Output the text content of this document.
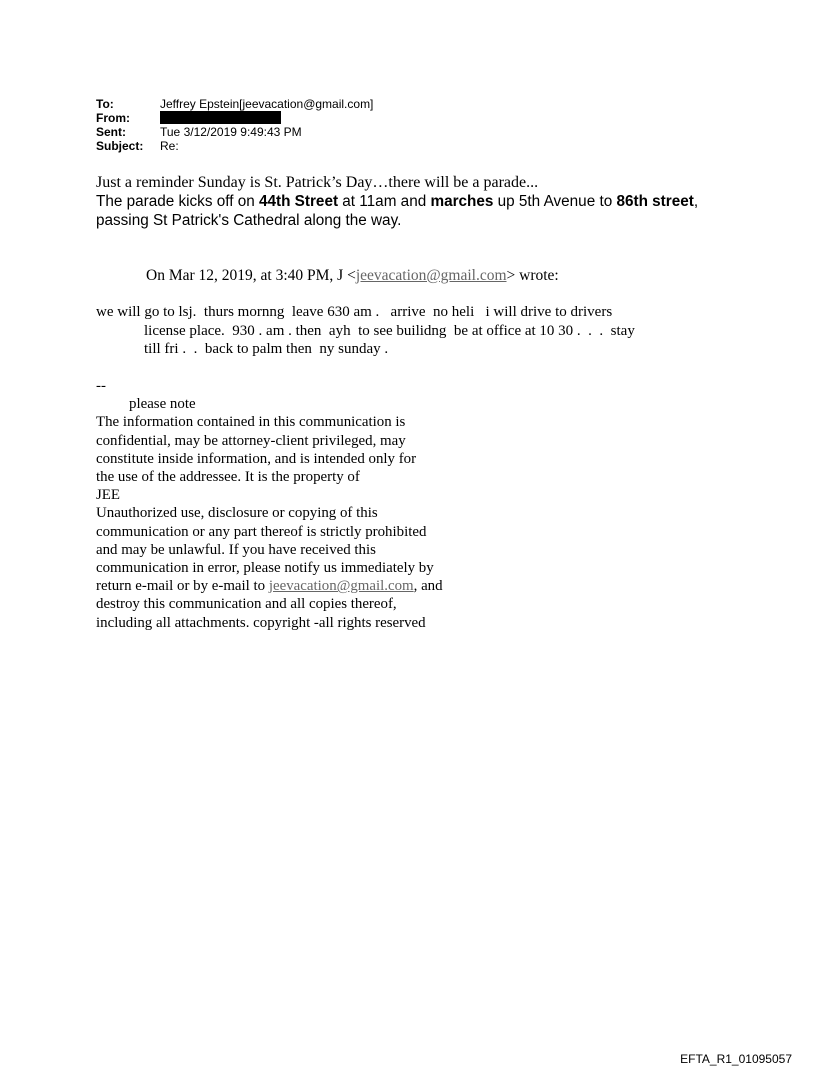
To:	Jeffrey Epstein[jeevacation@gmail.com]
From:
Sent:	Tue 3/12/2019 9:49:43 PM
Subject:	Re:
Just a reminder Sunday is St. Patrick’s Day…there will be a parade...
The parade kicks off on 44th Street at 11am and marches up 5th Avenue to 86th street, passing St Patrick's Cathedral along the way.
On Mar 12, 2019, at 3:40 PM, J <jeevacation@gmail.com> wrote:
we will go to lsj.  thurs mornng  leave 630 am .   arrive  no heli   i will drive to drivers
license place.  930 . am . then  ayh  to see builidng  be at office at 10 30 .  .  .  stay
till fri .  .  back to palm then  ny sunday .
--
please note
The information contained in this communication is
confidential, may be attorney-client privileged, may
constitute inside information, and is intended only for
the use of the addressee. It is the property of
JEE
Unauthorized use, disclosure or copying of this
communication or any part thereof is strictly prohibited
and may be unlawful. If you have received this
communication in error, please notify us immediately by
return e-mail or by e-mail to jeevacation@gmail.com, and
destroy this communication and all copies thereof,
including all attachments. copyright -all rights reserved
EFTA_R1_01095057
